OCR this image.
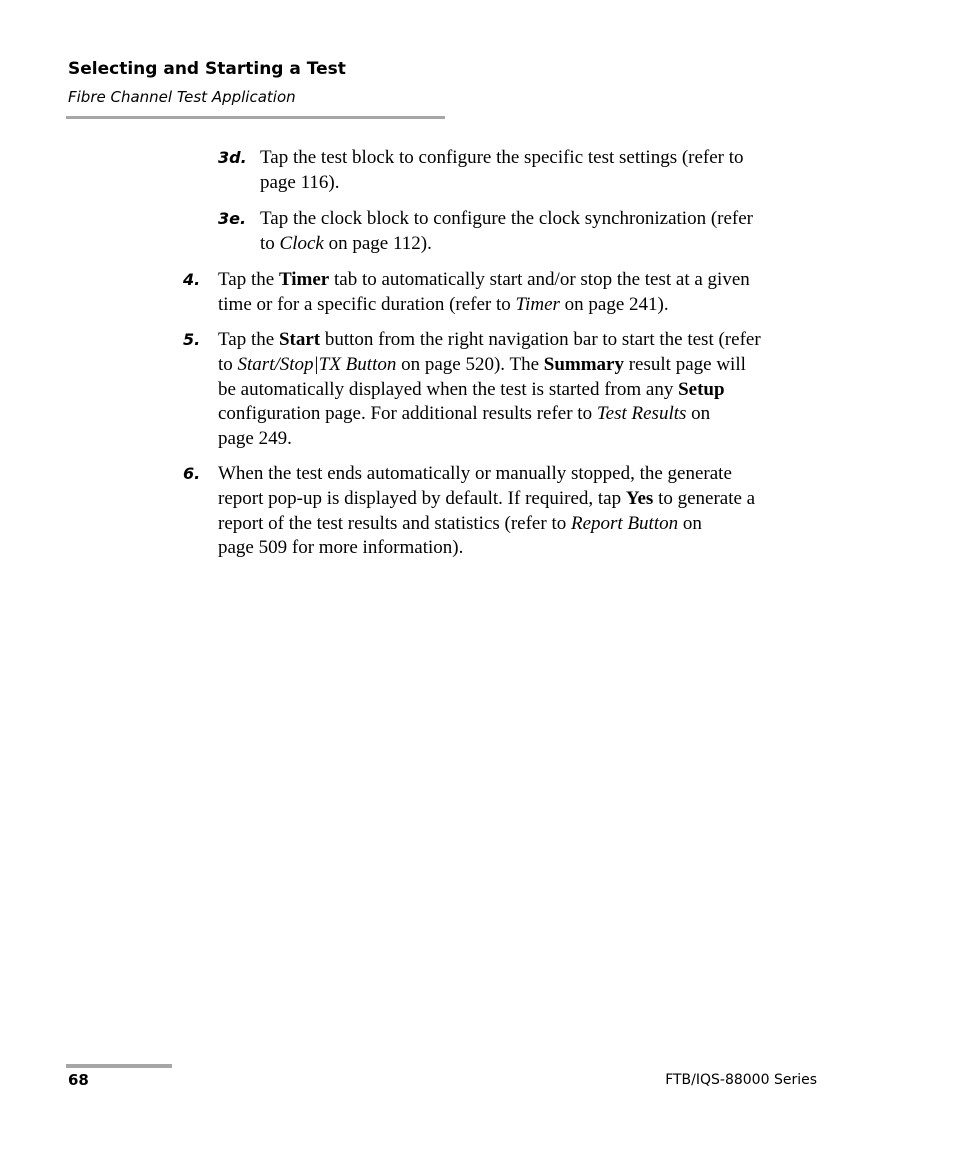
Selecting and Starting a Test
Fibre Channel Test Application
3d. Tap the test block to configure the specific test settings (refer to
page 116).
3e. Tap the clock block to configure the clock synchronization (refer
to Clock on page 112).
4. Tap the Timer tab to automatically start and/or stop the test at a given
time or for a specific duration (refer to Timer on page 241).
5. Tap the Start button from the right navigation bar to start the test (refer
to Start/Stop|TX Button on page 520). The Summary result page will
be automatically displayed when the test is started from any Setup
configuration page. For additional results refer to Test Results on
page 249.
6. When the test ends automatically or manually stopped, the generate
report pop-up is displayed by default. If required, tap Yes to generate a
report of the test results and statistics (refer to Report Button on
page 509 for more information).
68	FTB/IQS-88000 Series
